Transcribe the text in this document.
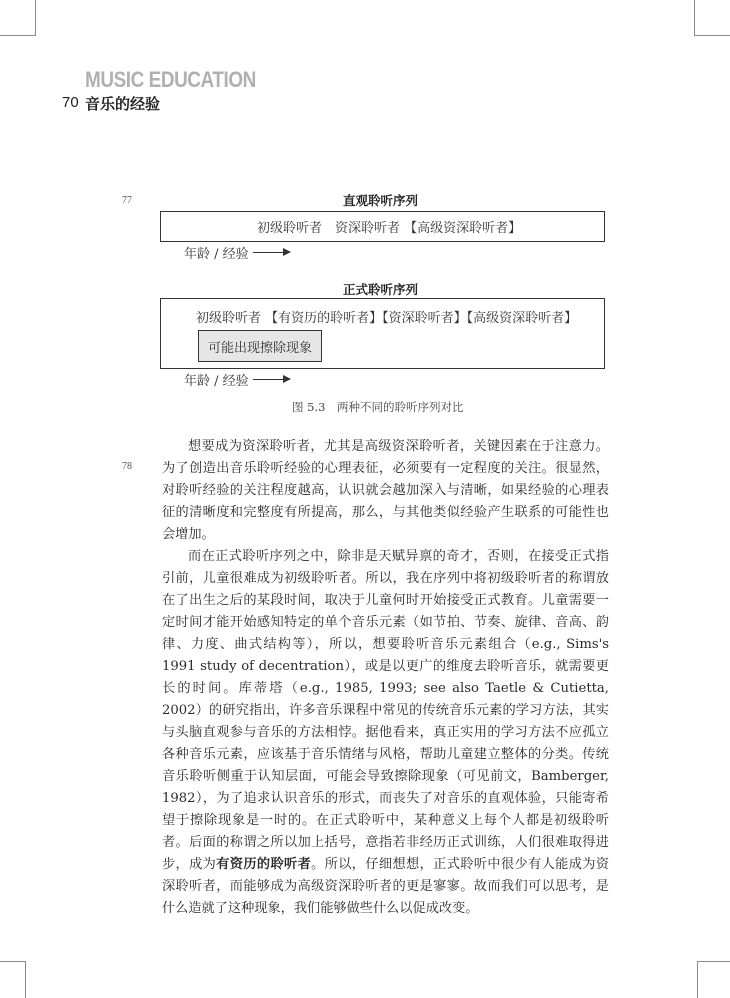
MUSIC EDUCATION
70 音乐的经验
77
78
直观聆听序列
初级聆听者　资深聆听者 【高级资深聆听者】
年龄 / 经验
正式聆听序列
初级聆听者 【有资历的聆听者】【资深聆听者】【高级资深聆听者】
可能出现擦除现象
年龄 / 经验
图 5.3　两种不同的聆听序列对比

想要成为资深聆听者，尤其是高级资深聆听者，关键因素在于注意力。为了创造出音乐聆听经验的心理表征，必须要有一定程度的关注。很显然，对聆听经验的关注程度越高，认识就会越加深入与清晰，如果经验的心理表征的清晰度和完整度有所提高，那么，与其他类似经验产生联系的可能性也会增加。

而在正式聆听序列之中，除非是天赋异禀的奇才，否则，在接受正式指引前，儿童很难成为初级聆听者。所以，我在序列中将初级聆听者的称谓放在了出生之后的某段时间，取决于儿童何时开始接受正式教育。儿童需要一定时间才能开始感知特定的单个音乐元素（如节拍、节奏、旋律、音高、韵律、力度、曲式结构等），所以，想要聆听音乐元素组合（e.g., Sims's 1991 study of decentration），或是以更广的维度去聆听音乐，就需要更长的时间。库蒂塔（e.g., 1985, 1993; see also Taetle & Cutietta, 2002）的研究指出，许多音乐课程中常见的传统音乐元素的学习方法，其实与头脑直观参与音乐的方法相悖。据他看来，真正实用的学习方法不应孤立各种音乐元素，应该基于音乐情绪与风格，帮助儿童建立整体的分类。传统音乐聆听侧重于认知层面，可能会导致擦除现象（可见前文，Bamberger, 1982），为了追求认识音乐的形式，而丧失了对音乐的直观体验，只能寄希望于擦除现象是一时的。在正式聆听中，某种意义上每个人都是初级聆听者。后面的称谓之所以加上括号，意指若非经历正式训练，人们很难取得进步，成为有资历的聆听者。所以，仔细想想，正式聆听中很少有人能成为资深聆听者，而能够成为高级资深聆听者的更是寥寥。故而我们可以思考，是什么造就了这种现象，我们能够做些什么以促成改变。
